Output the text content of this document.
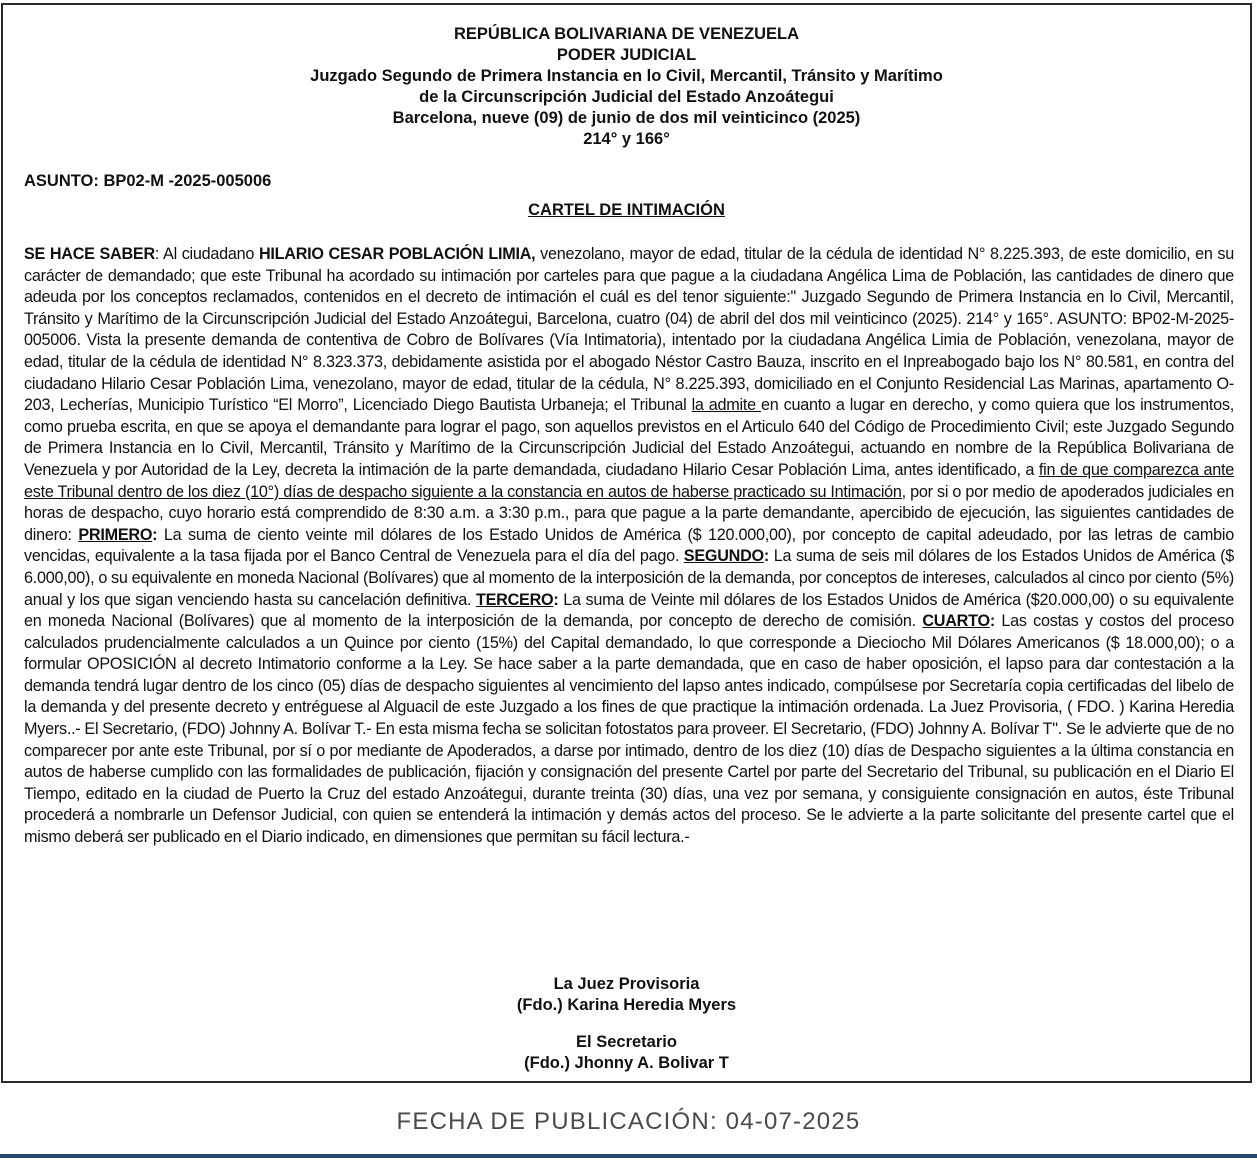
REPÚBLICA BOLIVARIANA DE VENEZUELA
PODER JUDICIAL
Juzgado Segundo de Primera Instancia en lo Civil, Mercantil, Tránsito y Marítimo
de la Circunscripción Judicial del Estado Anzoátegui
Barcelona, nueve (09) de junio de dos mil veinticinco (2025)
214° y 166°
ASUNTO: BP02-M -2025-005006
CARTEL DE INTIMACIÓN
SE HACE SABER: Al ciudadano HILARIO CESAR POBLACIÓN LIMIA, venezolano, mayor de edad, titular de la cédula de identidad N° 8.225.393, de este domicilio, en su carácter de demandado; que este Tribunal ha acordado su intimación por carteles para que pague a la ciudadana Angélica Lima de Población, las cantidades de dinero que adeuda por los conceptos reclamados, contenidos en el decreto de intimación el cuál es del tenor siguiente:" Juzgado Segundo de Primera Instancia en lo Civil, Mercantil, Tránsito y Marítimo de la Circunscripción Judicial del Estado Anzoátegui, Barcelona, cuatro (04) de abril del dos mil veinticinco (2025). 214° y 165°. ASUNTO: BP02-M-2025-005006. Vista la presente demanda de contentiva de Cobro de Bolívares (Vía Intimatoria), intentado por la ciudadana Angélica Limia de Población, venezolana, mayor de edad, titular de la cédula de identidad N° 8.323.373, debidamente asistida por el abogado Néstor Castro Bauza, inscrito en el Inpreabogado bajo los N° 80.581, en contra del ciudadano Hilario Cesar Población Lima, venezolano, mayor de edad, titular de la cédula, N° 8.225.393, domiciliado en el Conjunto Residencial Las Marinas, apartamento O-203, Lecherías, Municipio Turístico “El Morro”, Licenciado Diego Bautista Urbaneja; el Tribunal la admite en cuanto a lugar en derecho, y como quiera que los instrumentos, como prueba escrita, en que se apoya el demandante para lograr el pago, son aquellos previstos en el Articulo 640 del Código de Procedimiento Civil; este Juzgado Segundo de Primera Instancia en lo Civil, Mercantil, Tránsito y Marítimo de la Circunscripción Judicial del Estado Anzoátegui, actuando en nombre de la República Bolivariana de Venezuela y por Autoridad de la Ley, decreta la intimación de la parte demandada, ciudadano Hilario Cesar Población Lima, antes identificado, a fin de que comparezca ante este Tribunal dentro de los diez (10°) días de despacho siguiente a la constancia en autos de haberse practicado su Intimación, por si o por medio de apoderados judiciales en horas de despacho, cuyo horario está comprendido de 8:30 a.m. a 3:30 p.m., para que pague a la parte demandante, apercibido de ejecución, las siguientes cantidades de dinero: PRIMERO: La suma de ciento veinte mil dólares de los Estado Unidos de América ($ 120.000,00), por concepto de capital adeudado, por las letras de cambio vencidas, equivalente a la tasa fijada por el Banco Central de Venezuela para el día del pago. SEGUNDO: La suma de seis mil dólares de los Estados Unidos de América ($ 6.000,00), o su equivalente en moneda Nacional (Bolívares) que al momento de la interposición de la demanda, por conceptos de intereses, calculados al cinco por ciento (5%) anual y los que sigan venciendo hasta su cancelación definitiva. TERCERO: La suma de Veinte mil dólares de los Estados Unidos de América ($20.000,00) o su equivalente en moneda Nacional (Bolívares) que al momento de la interposición de la demanda, por concepto de derecho de comisión. CUARTO: Las costas y costos del proceso calculados prudencialmente calculados a un Quince por ciento (15%) del Capital demandado, lo que corresponde a Dieciocho Mil Dólares Americanos ($ 18.000,00); o a formular OPOSICIÓN al decreto Intimatorio conforme a la Ley. Se hace saber a la parte demandada, que en caso de haber oposición, el lapso para dar contestación a la demanda tendrá lugar dentro de los cinco (05) días de despacho siguientes al vencimiento del lapso antes indicado, compúlsese por Secretaría copia certificadas del libelo de la demanda y del presente decreto y entréguese al Alguacil de este Juzgado a los fines de que practique la intimación ordenada. La Juez Provisoria, ( FDO. ) Karina Heredia Myers..- El Secretario, (FDO) Johnny A. Bolívar T.- En esta misma fecha se solicitan fotostatos para proveer. El Secretario, (FDO) Johnny A. Bolívar T". Se le advierte que de no comparecer por ante este Tribunal, por sí o por mediante de Apoderados, a darse por intimado, dentro de los diez (10) días de Despacho siguientes a la última constancia en autos de haberse cumplido con las formalidades de publicación, fijación y consignación del presente Cartel por parte del Secretario del Tribunal, su publicación en el Diario El Tiempo, editado en la ciudad de Puerto la Cruz del estado Anzoátegui, durante treinta (30) días, una vez por semana, y consiguiente consignación en autos, éste Tribunal procederá a nombrarle un Defensor Judicial, con quien se entenderá la intimación y demás actos del proceso. Se le advierte a la parte solicitante del presente cartel que el mismo deberá ser publicado en el Diario indicado, en dimensiones que permitan su fácil lectura.-
La Juez Provisoria
(Fdo.) Karina Heredia Myers
El Secretario
(Fdo.) Jhonny A. Bolivar T
FECHA DE PUBLICACIÓN: 04-07-2025
